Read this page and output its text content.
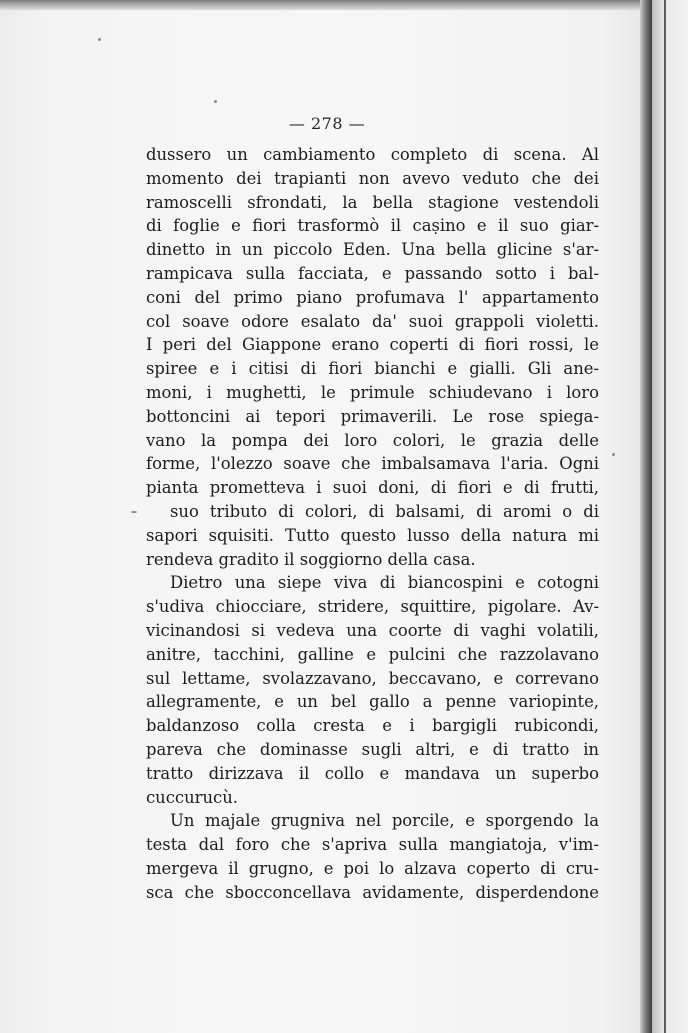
— 278 —
dussero un cambiamento completo di scena. Al
momento dei trapianti non avevo veduto che dei
ramoscelli sfrondati, la bella stagione vestendoli
di foglie e fiori trasformò il caṣino e il suo giar-
dinetto in un piccolo Eden. Una bella glicine s'ar-
rampicava sulla facciata, e passando sotto i bal-
coni del primo piano profumava l' appartamento
col soave odore esalato da' suoi grappoli violetti.
I peri del Giappone erano coperti di fiori rossi, le
spiree e i citisi di fiori bianchi e gialli. Gli ane-
moni, i mughetti, le primule schiudevano i loro
bottoncini ai tepori primaverili. Le rose spiega-
vano la pompa dei loro colori, le grazia delle
forme, l'olezzo soave che imbalsamava l'aria. Ogni
pianta prometteva i suoi doni, di fiori e di frutti,
suo tributo di colori, di balsami, di aromi o di
sapori squisiti. Tutto questo lusso della natura mi
rendeva gradito il soggiorno della casa.
Dietro una siepe viva di biancospini e cotogni
s'udiva chiocciare, stridere, squittire, pigolare. Av-
vicinandosi si vedeva una coorte di vaghi volatili,
anitre, tacchini, galline e pulcini che razzolavano
sul lettame, svolazzavano, beccavano, e correvano
allegramente, e un bel gallo a penne variopinte,
baldanzoso colla cresta e i bargigli rubicondi,
pareva che dominasse sugli altri, e di tratto in
tratto dirizzava il collo e mandava un superbo
cuccurucù.
Un majale grugniva nel porcile, e sporgendo la
testa dal foro che s'apriva sulla mangiatoja, v'im-
mergeva il grugno, e poi lo alzava coperto di cru-
sca che sbocconcellava avidamente, disperdendone
